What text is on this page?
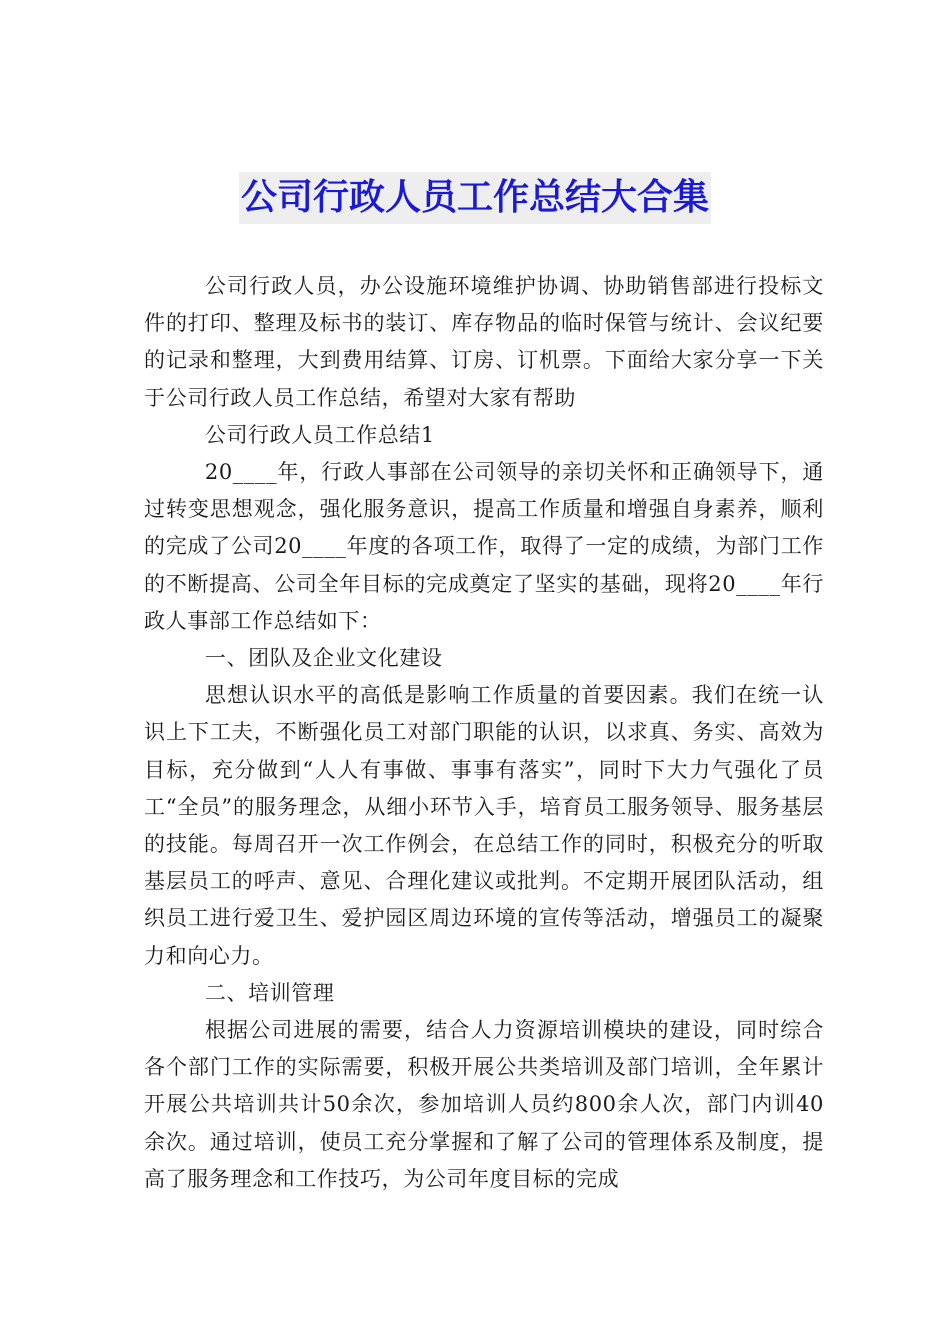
公司行政人员工作总结大合集

公司行政人员，办公设施环境维护协调、协助销售部进行投标文件的打印、整理及标书的装订、库存物品的临时保管与统计、会议纪要的记录和整理，大到费用结算、订房、订机票。下面给大家分享一下关于公司行政人员工作总结，希望对大家有帮助

公司行政人员工作总结1

20____年，行政人事部在公司领导的亲切关怀和正确领导下，通过转变思想观念，强化服务意识，提高工作质量和增强自身素养，顺利的完成了公司20____年度的各项工作，取得了一定的成绩，为部门工作的不断提高、公司全年目标的完成奠定了坚实的基础，现将20____年行政人事部工作总结如下：

一、团队及企业文化建设

思想认识水平的高低是影响工作质量的首要因素。我们在统一认识上下工夫，不断强化员工对部门职能的认识，以求真、务实、高效为目标，充分做到“人人有事做、事事有落实”，同时下大力气强化了员工“全员”的服务理念，从细小环节入手，培育员工服务领导、服务基层的技能。每周召开一次工作例会，在总结工作的同时，积极充分的听取基层员工的呼声、意见、合理化建议或批判。不定期开展团队活动，组织员工进行爱卫生、爱护园区周边环境的宣传等活动，增强员工的凝聚力和向心力。

二、培训管理

根据公司进展的需要，结合人力资源培训模块的建设，同时综合各个部门工作的实际需要，积极开展公共类培训及部门培训，全年累计开展公共培训共计50余次，参加培训人员约800余人次，部门内训40余次。通过培训，使员工充分掌握和了解了公司的管理体系及制度，提高了服务理念和工作技巧，为公司年度目标的完成
